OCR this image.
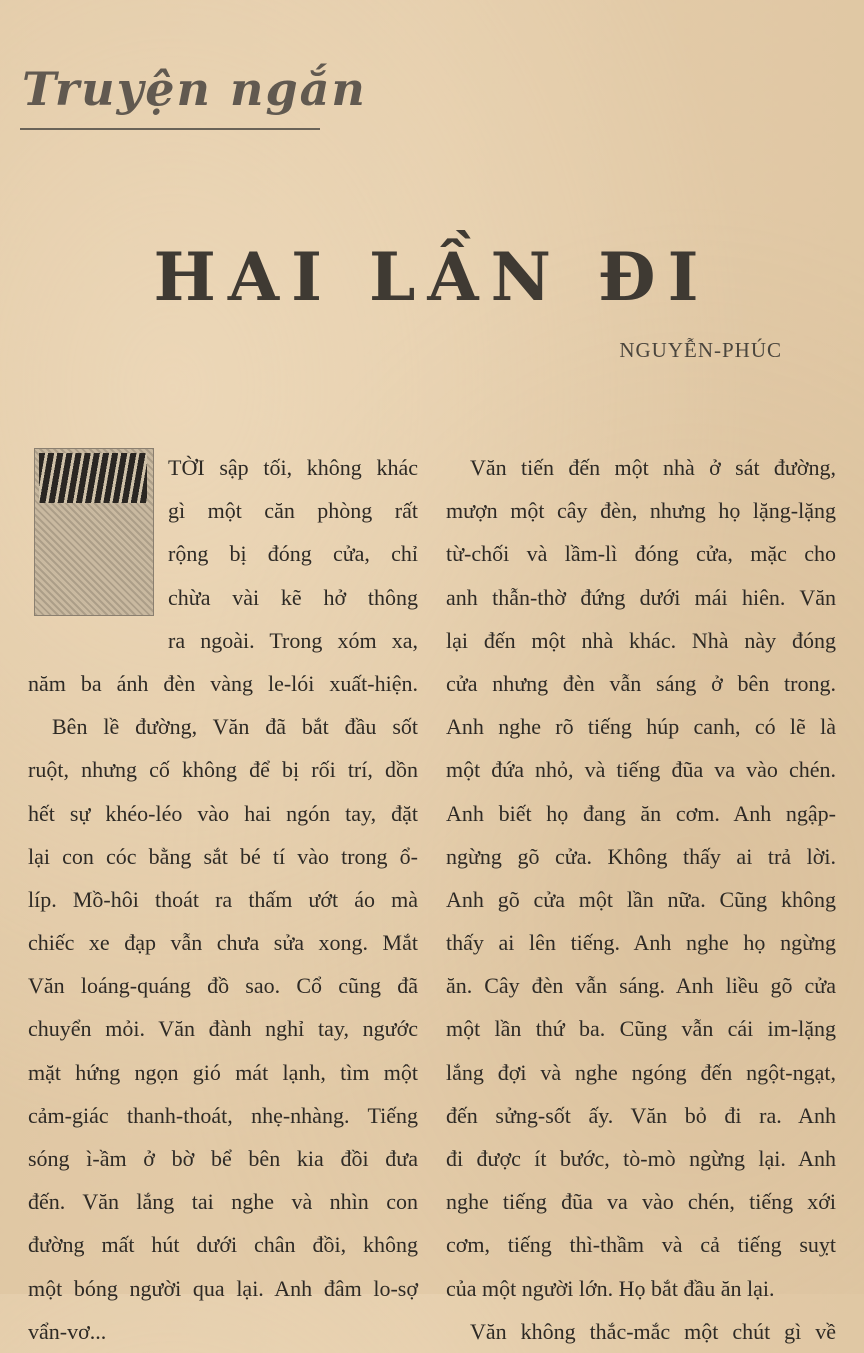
Truyện ngắn
HAI LẦN ĐI
NGUYỄN-PHÚC
TỜI sập tối, không khác
gì một căn phòng rất
rộng bị đóng cửa, chỉ
chừa vài kẽ hở thông
ra ngoài. Trong xóm xa,
năm ba ánh đèn vàng le-lói xuất-hiện.
Bên lề đường, Văn đã bắt đầu sốt
ruột, nhưng cố không để bị rối trí, dồn
hết sự khéo-léo vào hai ngón tay, đặt
lại con cóc bằng sắt bé tí vào trong ổ-
líp. Mồ-hôi thoát ra thấm ướt áo mà
chiếc xe đạp vẫn chưa sửa xong. Mắt
Văn loáng-quáng đồ sao. Cổ cũng đã
chuyển mỏi. Văn đành nghỉ tay, ngước
mặt hứng ngọn gió mát lạnh, tìm một
cảm-giác thanh-thoát, nhẹ-nhàng. Tiếng
sóng ì-ầm ở bờ bể bên kia đồi đưa
đến. Văn lắng tai nghe và nhìn con
đường mất hút dưới chân đồi, không
một bóng người qua lại. Anh đâm lo-sợ
vẩn-vơ...
Văn tiến đến một nhà ở sát đường,
mượn một cây đèn, nhưng họ lặng-lặng
từ-chối và lầm-lì đóng cửa, mặc cho
anh thẫn-thờ đứng dưới mái hiên. Văn
lại đến một nhà khác. Nhà này đóng
cửa nhưng đèn vẫn sáng ở bên trong.
Anh nghe rõ tiếng húp canh, có lẽ là
một đứa nhỏ, và tiếng đũa va vào chén.
Anh biết họ đang ăn cơm. Anh ngập-
ngừng gõ cửa. Không thấy ai trả lời.
Anh gõ cửa một lần nữa. Cũng không
thấy ai lên tiếng. Anh nghe họ ngừng
ăn. Cây đèn vẫn sáng. Anh liều gõ cửa
một lần thứ ba. Cũng vẫn cái im-lặng
lắng đợi và nghe ngóng đến ngột-ngạt,
đến sửng-sốt ấy. Văn bỏ đi ra. Anh
đi được ít bước, tò-mò ngừng lại. Anh
nghe tiếng đũa va vào chén, tiếng xới
cơm, tiếng thì-thầm và cả tiếng suỵt
của một người lớn. Họ bắt đầu ăn lại.
Văn không thắc-mắc một chút gì về
